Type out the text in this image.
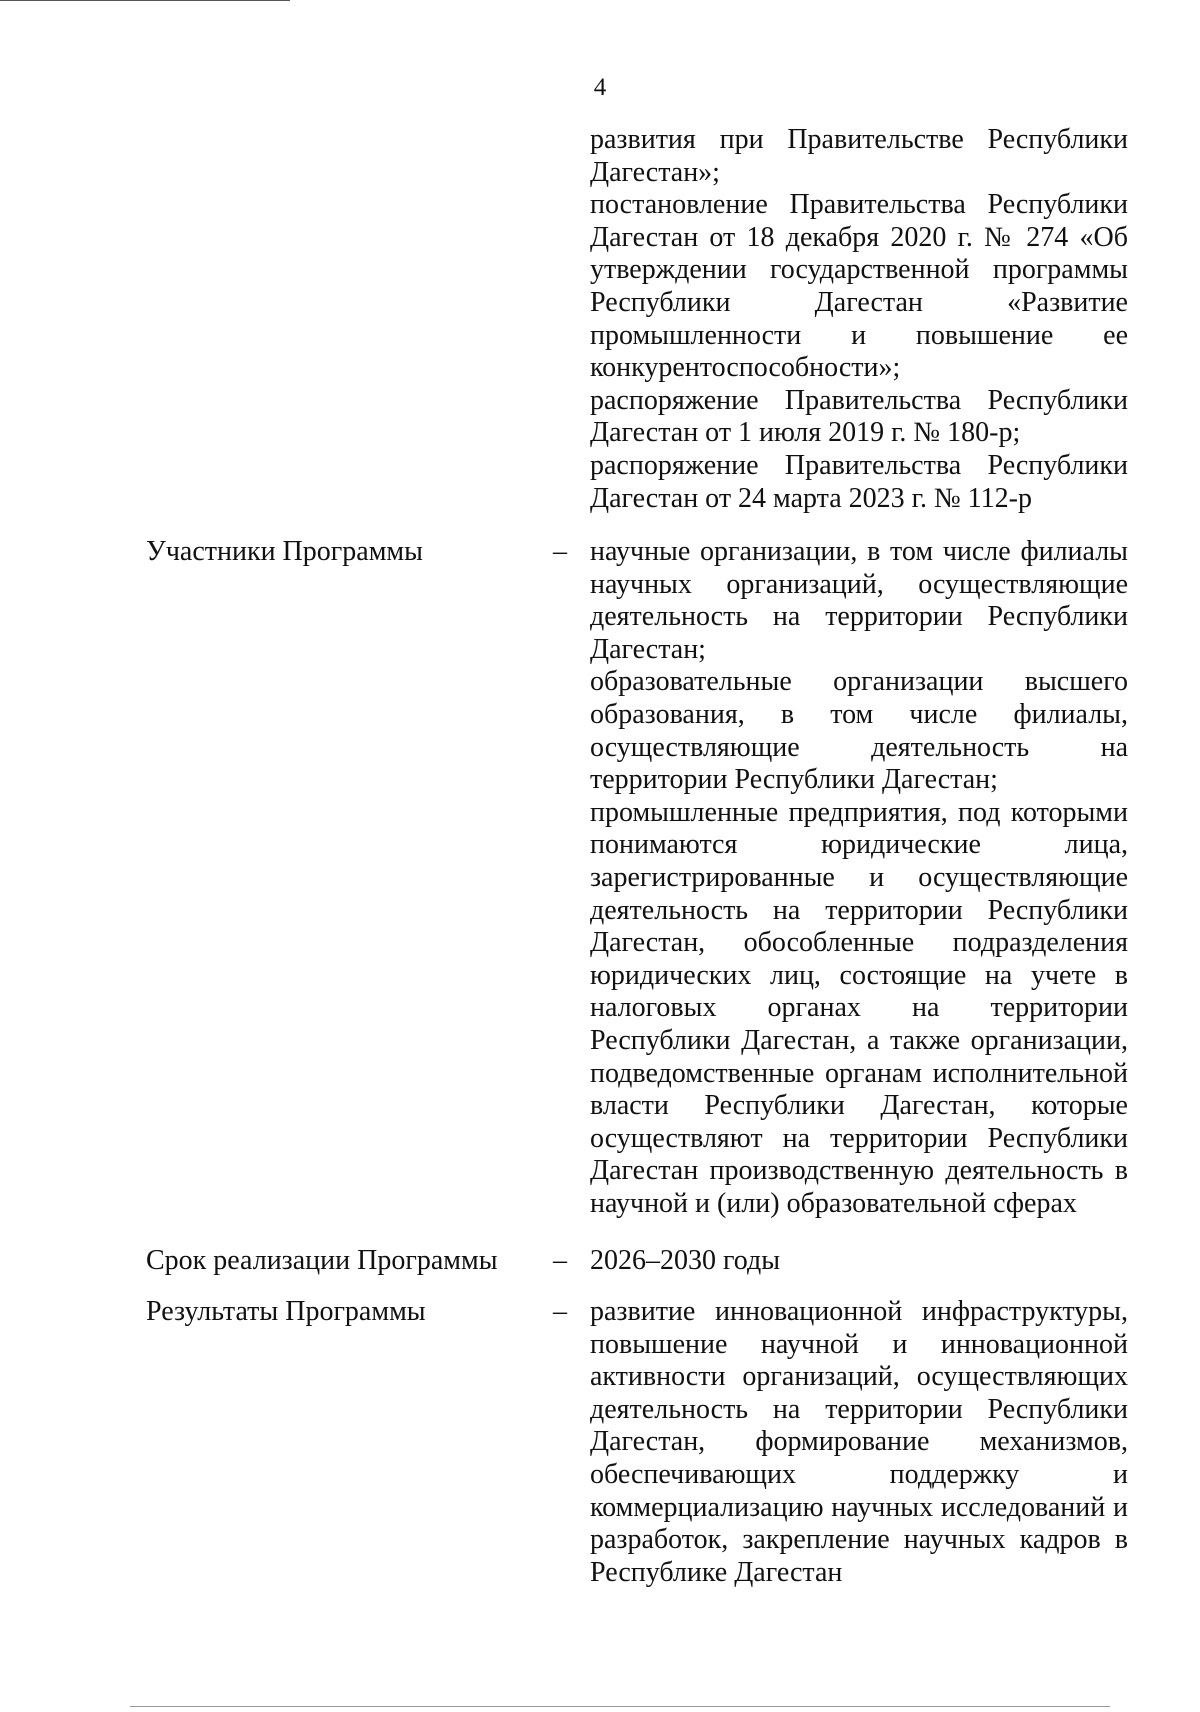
4

развития при Правительстве Республики Дагестан»;

постановление Правительства Республики Дагестан от 18 декабря 2020 г. № 274 «Об утверждении государственной программы Республики Дагестан «Развитие промышленности и повышение ее конкурентоспособности»;

распоряжение Правительства Республики Дагестан от 1 июля 2019 г. № 180-р;

распоряжение Правительства Республики Дагестан от 24 марта 2023 г. № 112-р

Участники Программы	– научные организации, в том числе филиалы научных организаций, осуществляющие деятельность на территории Республики Дагестан;

образовательные организации высшего образования, в том числе филиалы, осуществляющие деятельность на территории Республики Дагестан;

промышленные предприятия, под которыми понимаются юридические лица, зарегистрированные и осуществляющие деятельность на территории Республики Дагестан, обособленные подразделения юридических лиц, состоящие на учете в налоговых органах на территории Республики Дагестан, а также организации, подведомственные органам исполнительной власти Республики Дагестан, которые осуществляют на территории Республики Дагестан производственную деятельность в научной и (или) образовательной сферах

Срок реализации Программы	– 2026–2030 годы

Результаты Программы	– развитие инновационной инфраструктуры, повышение научной и инновационной активности организаций, осуществляющих деятельность на территории Республики Дагестан, формирование механизмов, обеспечивающих поддержку и коммерциализацию научных исследований и разработок, закрепление научных кадров в Республике Дагестан
